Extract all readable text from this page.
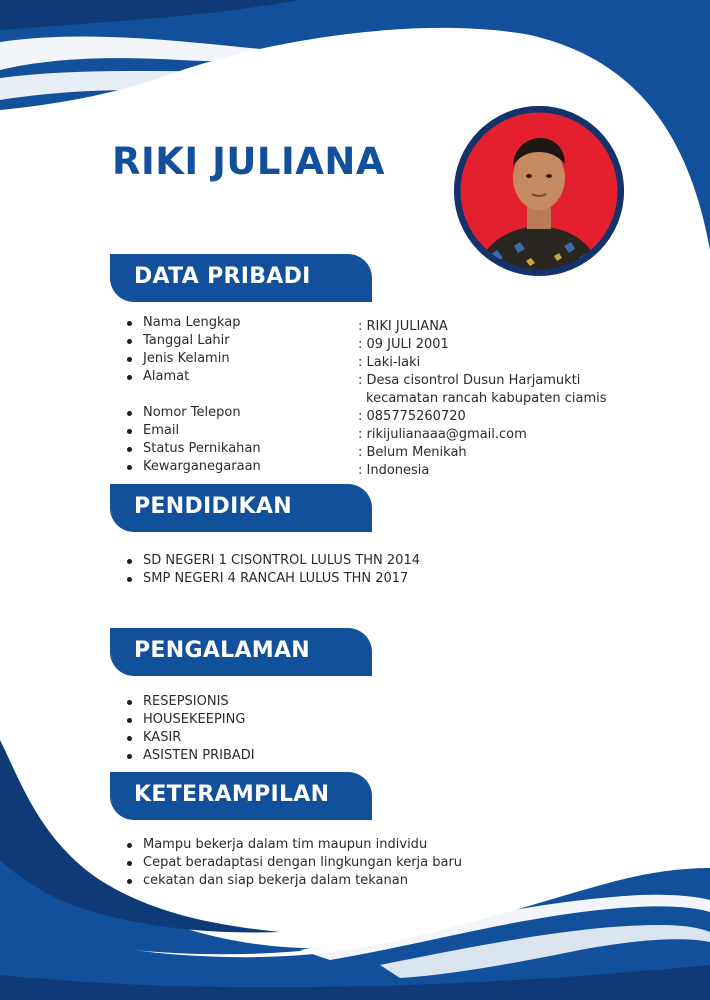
RIKI JULIANA
DATA PRIBADI
Nama Lengkap
Tanggal Lahir
Jenis Kelamin
Alamat
Nomor Telepon
Email
Status Pernikahan
Kewarganegaraan
: RIKI JULIANA
: 09 JULI 2001
: Laki-laki
: Desa cisontrol Dusun Harjamukti
kecamatan rancah kabupaten ciamis
: 085775260720
: rikijulianaaa@gmail.com
: Belum Menikah
: Indonesia
PENDIDIKAN
SD NEGERI 1 CISONTROL LULUS THN 2014
SMP NEGERI 4 RANCAH LULUS THN 2017
PENGALAMAN
RESEPSIONIS
HOUSEKEEPING
KASIR
ASISTEN PRIBADI
KETERAMPILAN
Mampu bekerja dalam tim maupun individu
Cepat beradaptasi dengan lingkungan kerja baru
cekatan dan siap bekerja dalam tekanan
